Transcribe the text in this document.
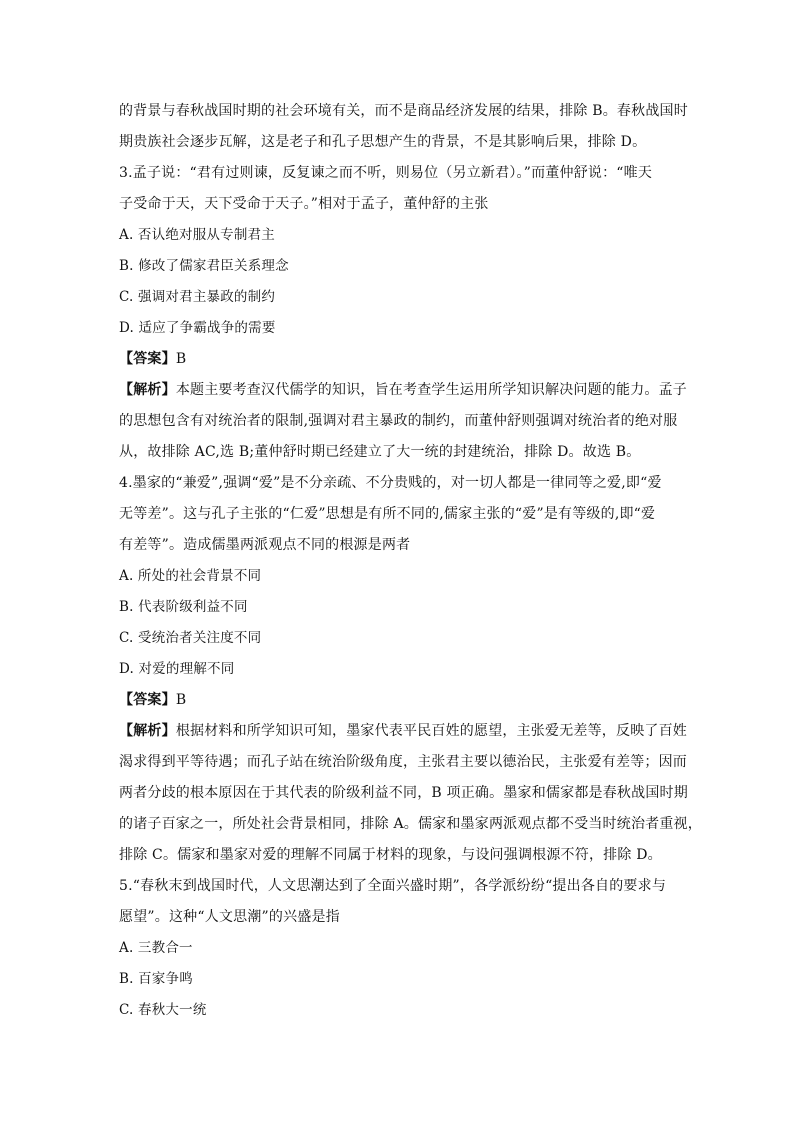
的背景与春秋战国时期的社会环境有关，而不是商品经济发展的结果，排除 B。春秋战国时
期贵族社会逐步瓦解，这是老子和孔子思想产生的背景，不是其影响后果，排除 D。
3.孟子说：“君有过则谏，反复谏之而不听，则易位（另立新君）。”而董仲舒说：“唯天
子受命于天，天下受命于天子。”相对于孟子，董仲舒的主张
A. 否认绝对服从专制君主
B. 修改了儒家君臣关系理念
C. 强调对君主暴政的制约
D. 适应了争霸战争的需要
【答案】B
【解析】本题主要考查汉代儒学的知识，旨在考查学生运用所学知识解决问题的能力。孟子
的思想包含有对统治者的限制,强调对君主暴政的制约，而董仲舒则强调对统治者的绝对服
从，故排除 AC,选 B;董仲舒时期已经建立了大一统的封建统治，排除 D。故选 B。
4.墨家的“兼爱”,强调“爱”是不分亲疏、不分贵贱的，对一切人都是一律同等之爱,即“爱
无等差”。这与孔子主张的“仁爱”思想是有所不同的,儒家主张的“爱”是有等级的,即“爱
有差等”。造成儒墨两派观点不同的根源是两者
A. 所处的社会背景不同
B. 代表阶级利益不同
C. 受统治者关注度不同
D. 对爱的理解不同
【答案】B
【解析】根据材料和所学知识可知，墨家代表平民百姓的愿望，主张爱无差等，反映了百姓
渴求得到平等待遇；而孔子站在统治阶级角度，主张君主要以德治民，主张爱有差等；因而
两者分歧的根本原因在于其代表的阶级利益不同，B 项正确。墨家和儒家都是春秋战国时期
的诸子百家之一，所处社会背景相同，排除 A。儒家和墨家两派观点都不受当时统治者重视，
排除 C。儒家和墨家对爱的理解不同属于材料的现象，与设问强调根源不符，排除 D。
5.“春秋末到战国时代，人文思潮达到了全面兴盛时期”，各学派纷纷“提出各自的要求与
愿望”。这种“人文思潮”的兴盛是指
A. 三教合一
B. 百家争鸣
C. 春秋大一统
